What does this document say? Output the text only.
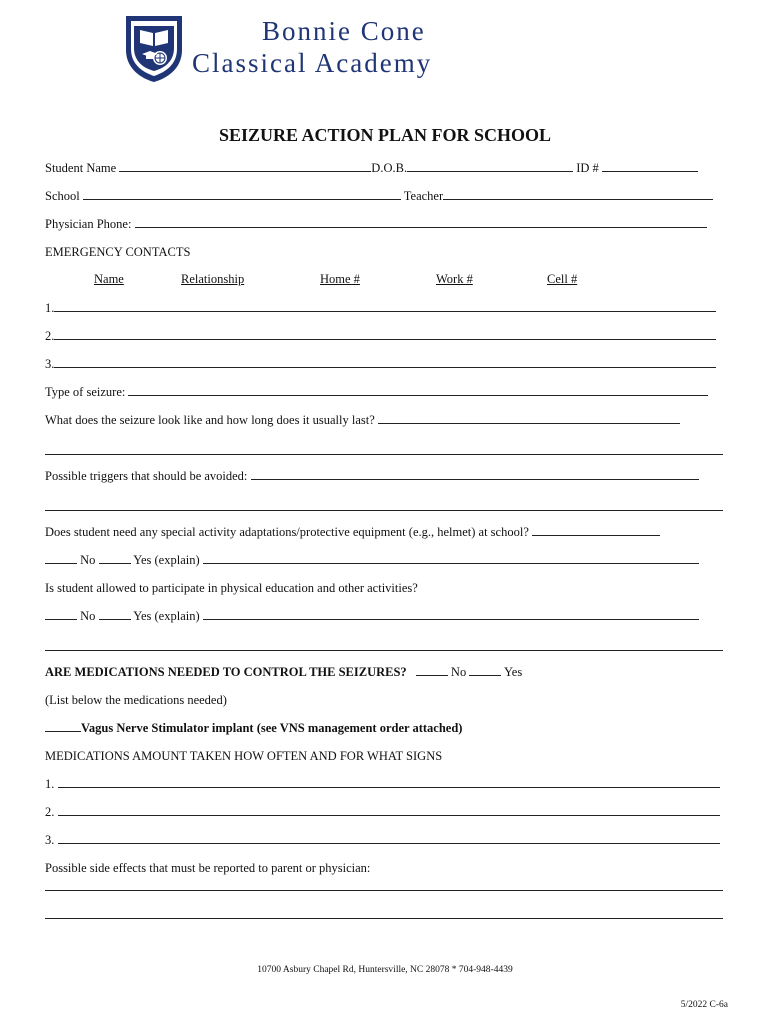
Bonnie Cone
Classical Academy
SEIZURE ACTION PLAN FOR SCHOOL
Student Name	D.O.B.	ID #
School	Teacher
Physician Phone:
EMERGENCY CONTACTS
Name	Relationship	Home #	Work #	Cell #
1.
2.
3.
Type of seizure:
What does the seizure look like and how long does it usually last?
Possible triggers that should be avoided:
Does student need any special activity adaptations/protective equipment (e.g., helmet) at school?
No	Yes (explain)
Is student allowed to participate in physical education and other activities?
No	Yes (explain)
ARE MEDICATIONS NEEDED TO CONTROL THE SEIZURES?	No	Yes
(List below the medications needed)
Vagus Nerve Stimulator implant (see VNS management order attached)
MEDICATIONS AMOUNT TAKEN HOW OFTEN AND FOR WHAT SIGNS
1.
2.
3.
Possible side effects that must be reported to parent or physician:
10700 Asbury Chapel Rd, Huntersville, NC 28078 * 704-948-4439
5/2022 C-6a
